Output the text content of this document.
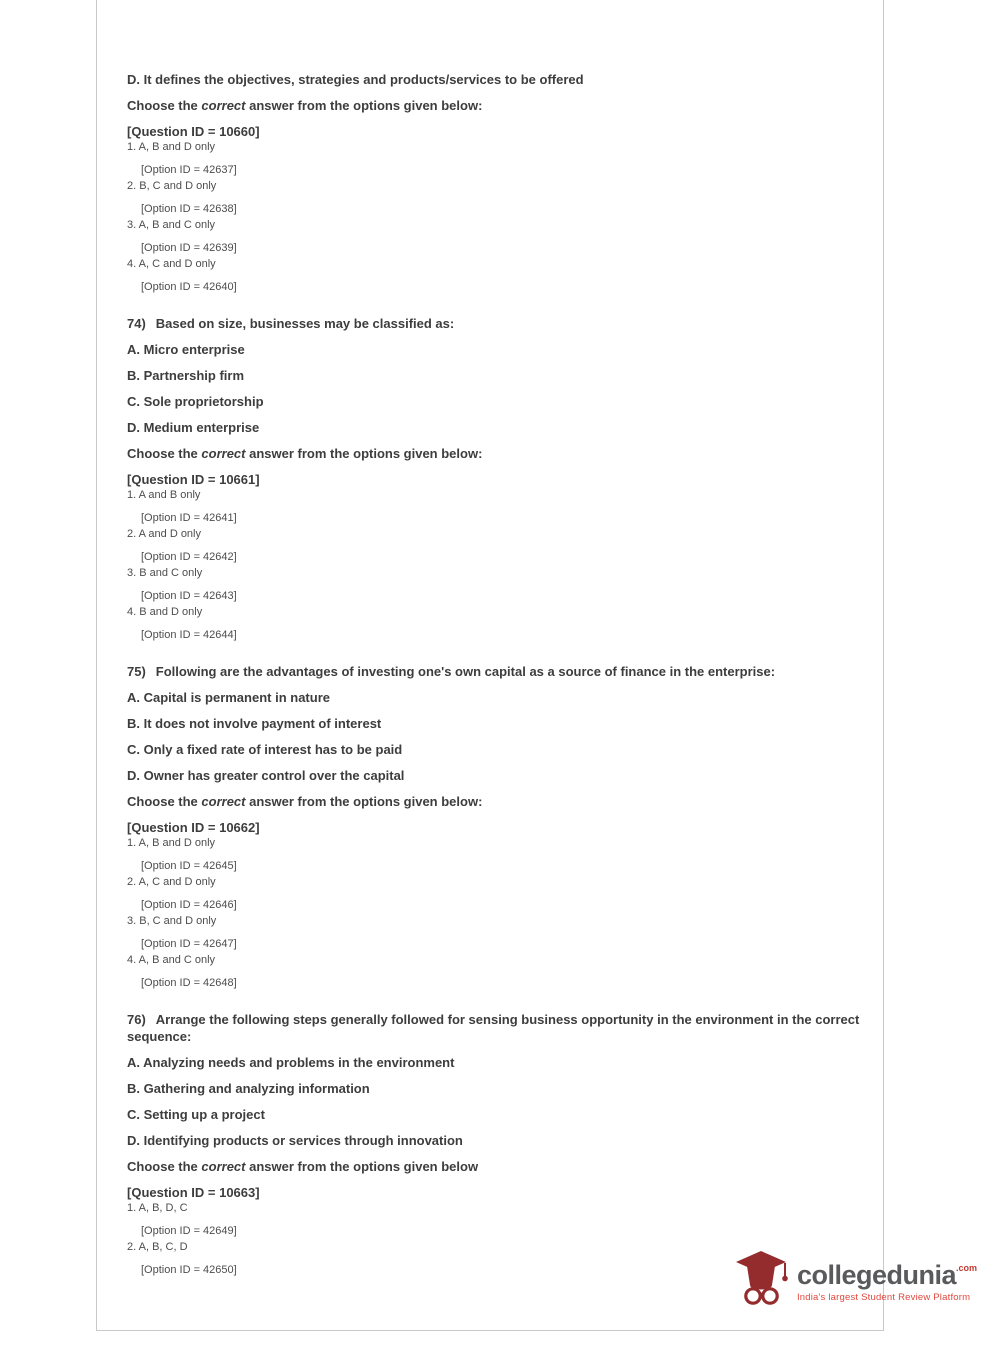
D. It defines the objectives, strategies and products/services to be offered
Choose the correct answer from the options given below:
[Question ID = 10660]
1. A, B and D only
[Option ID = 42637]
2. B, C and D only
[Option ID = 42638]
3. A, B and C only
[Option ID = 42639]
4. A, C and D only
[Option ID = 42640]
74) Based on size, businesses may be classified as:
A. Micro enterprise
B. Partnership firm
C. Sole proprietorship
D. Medium enterprise
Choose the correct answer from the options given below:
[Question ID = 10661]
1. A and B only
[Option ID = 42641]
2. A and D only
[Option ID = 42642]
3. B and C only
[Option ID = 42643]
4. B and D only
[Option ID = 42644]
75) Following are the advantages of investing one's own capital as a source of finance in the enterprise:
A. Capital is permanent in nature
B. It does not involve payment of interest
C. Only a fixed rate of interest has to be paid
D. Owner has greater control over the capital
Choose the correct answer from the options given below:
[Question ID = 10662]
1. A, B and D only
[Option ID = 42645]
2. A, C and D only
[Option ID = 42646]
3. B, C and D only
[Option ID = 42647]
4. A, B and C only
[Option ID = 42648]
76) Arrange the following steps generally followed for sensing business opportunity in the environment in the correct sequence:
A. Analyzing needs and problems in the environment
B. Gathering and analyzing information
C. Setting up a project
D. Identifying products or services through innovation
Choose the correct answer from the options given below
[Question ID = 10663]
1. A, B, D, C
[Option ID = 42649]
2. A, B, C, D
[Option ID = 42650]	collegedunia .com
India's largest Student Review Platform
